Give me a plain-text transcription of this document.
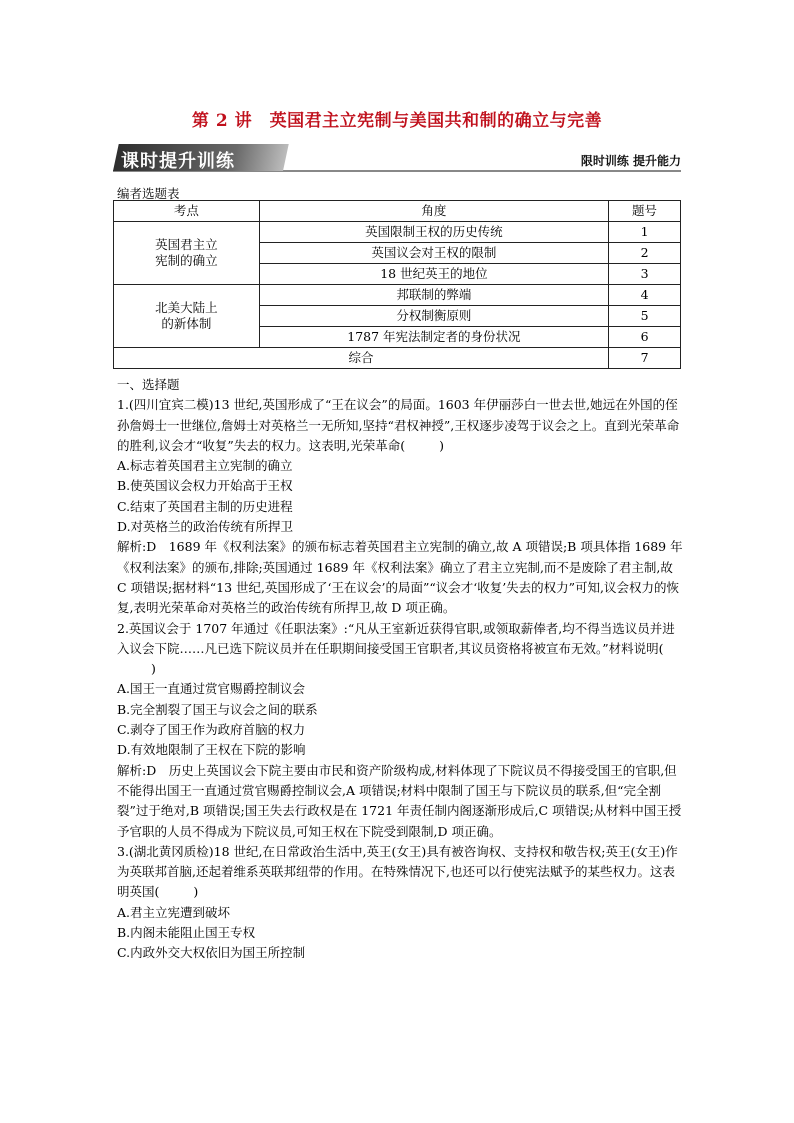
第 2 讲　英国君主立宪制与美国共和制的确立与完善
课时提升训练	限时训练 提升能力
编者选题表
考点	角度	题号
英国君主立
宪制的确立	英国限制王权的历史传统	1
	英国议会对王权的限制	2
	18 世纪英王的地位	3
北美大陆上
的新体制	邦联制的弊端	4
	分权制衡原则	5
	1787 年宪法制定者的身份状况	6
综合		7

一、选择题

1.(四川宜宾二模)13 世纪,英国形成了“王在议会”的局面。1603 年伊丽莎白一世去世,她远在外国的侄孙詹姆士一世继位,詹姆士对英格兰一无所知,坚持“君权神授”,王权逐步凌驾于议会之上。直到光荣革命的胜利,议会才“收复”失去的权力。这表明,光荣革命(	)

A.标志着英国君主立宪制的确立

B.使英国议会权力开始高于王权

C.结束了英国君主制的历史进程

D.对英格兰的政治传统有所捍卫

解析:D　1689 年《权利法案》的颁布标志着英国君主立宪制的确立,故 A 项错误;B 项具体指 1689 年《权利法案》的颁布,排除;英国通过 1689 年《权利法案》确立了君主立宪制,而不是废除了君主制,故 C 项错误;据材料“13 世纪,英国形成了‘王在议会’的局面”“议会才‘收复’失去的权力”可知,议会权力的恢复,表明光荣革命对英格兰的政治传统有所捍卫,故 D 项正确。

2.英国议会于 1707 年通过《任职法案》:“凡从王室新近获得官职,或领取薪俸者,均不得当选议员并进入议会下院……凡已选下院议员并在任职期间接受国王官职者,其议员资格将被宣布无效。”材料说明()

A.国王一直通过赏官赐爵控制议会

B.完全割裂了国王与议会之间的联系

C.剥夺了国王作为政府首脑的权力

D.有效地限制了王权在下院的影响

解析:D　历史上英国议会下院主要由市民和资产阶级构成,材料体现了下院议员不得接受国王的官职,但不能得出国王一直通过赏官赐爵控制议会,A 项错误;材料中限制了国王与下院议员的联系,但“完全割裂”过于绝对,B 项错误;国王失去行政权是在 1721 年责任制内阁逐渐形成后,C 项错误;从材料中国王授予官职的人员不得成为下院议员,可知王权在下院受到限制,D 项正确。

3.(湖北黄冈质检)18 世纪,在日常政治生活中,英王(女王)具有被咨询权、支持权和敬告权;英王(女王)作为英联邦首脑,还起着维系英联邦纽带的作用。在特殊情况下,也还可以行使宪法赋予的某些权力。这表明英国(	)

A.君主立宪遭到破坏

B.内阁未能阻止国王专权

C.内政外交大权依旧为国王所控制
